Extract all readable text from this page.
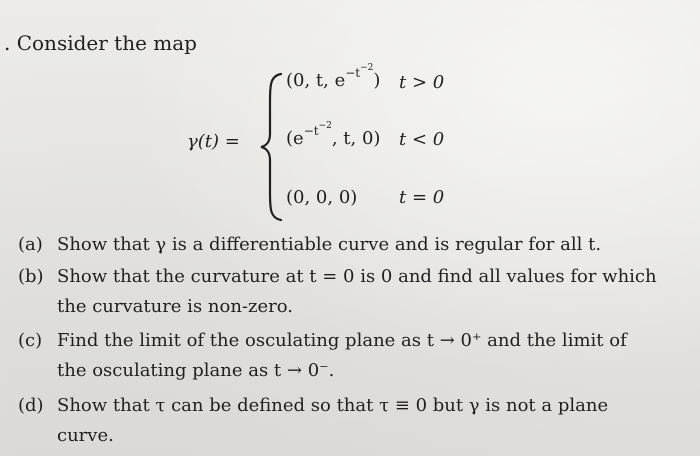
. Consider the map
γ(t) =
(0, t, $e^{-t^{-2}}$) t > 0
($e^{-t^{-2}}$, t, 0) t < 0
(0, 0, 0) t = 0
(a) Show that γ is a differentiable curve and is regular for all t.
(b) Show that the curvature at t = 0 is 0 and find all values for which
the curvature is non-zero.
(c) Find the limit of the osculating plane as t → 0⁺ and the limit of
the osculating plane as t → 0⁻.
(d) Show that τ can be defined so that τ ≡ 0 but γ is not a plane
curve.
